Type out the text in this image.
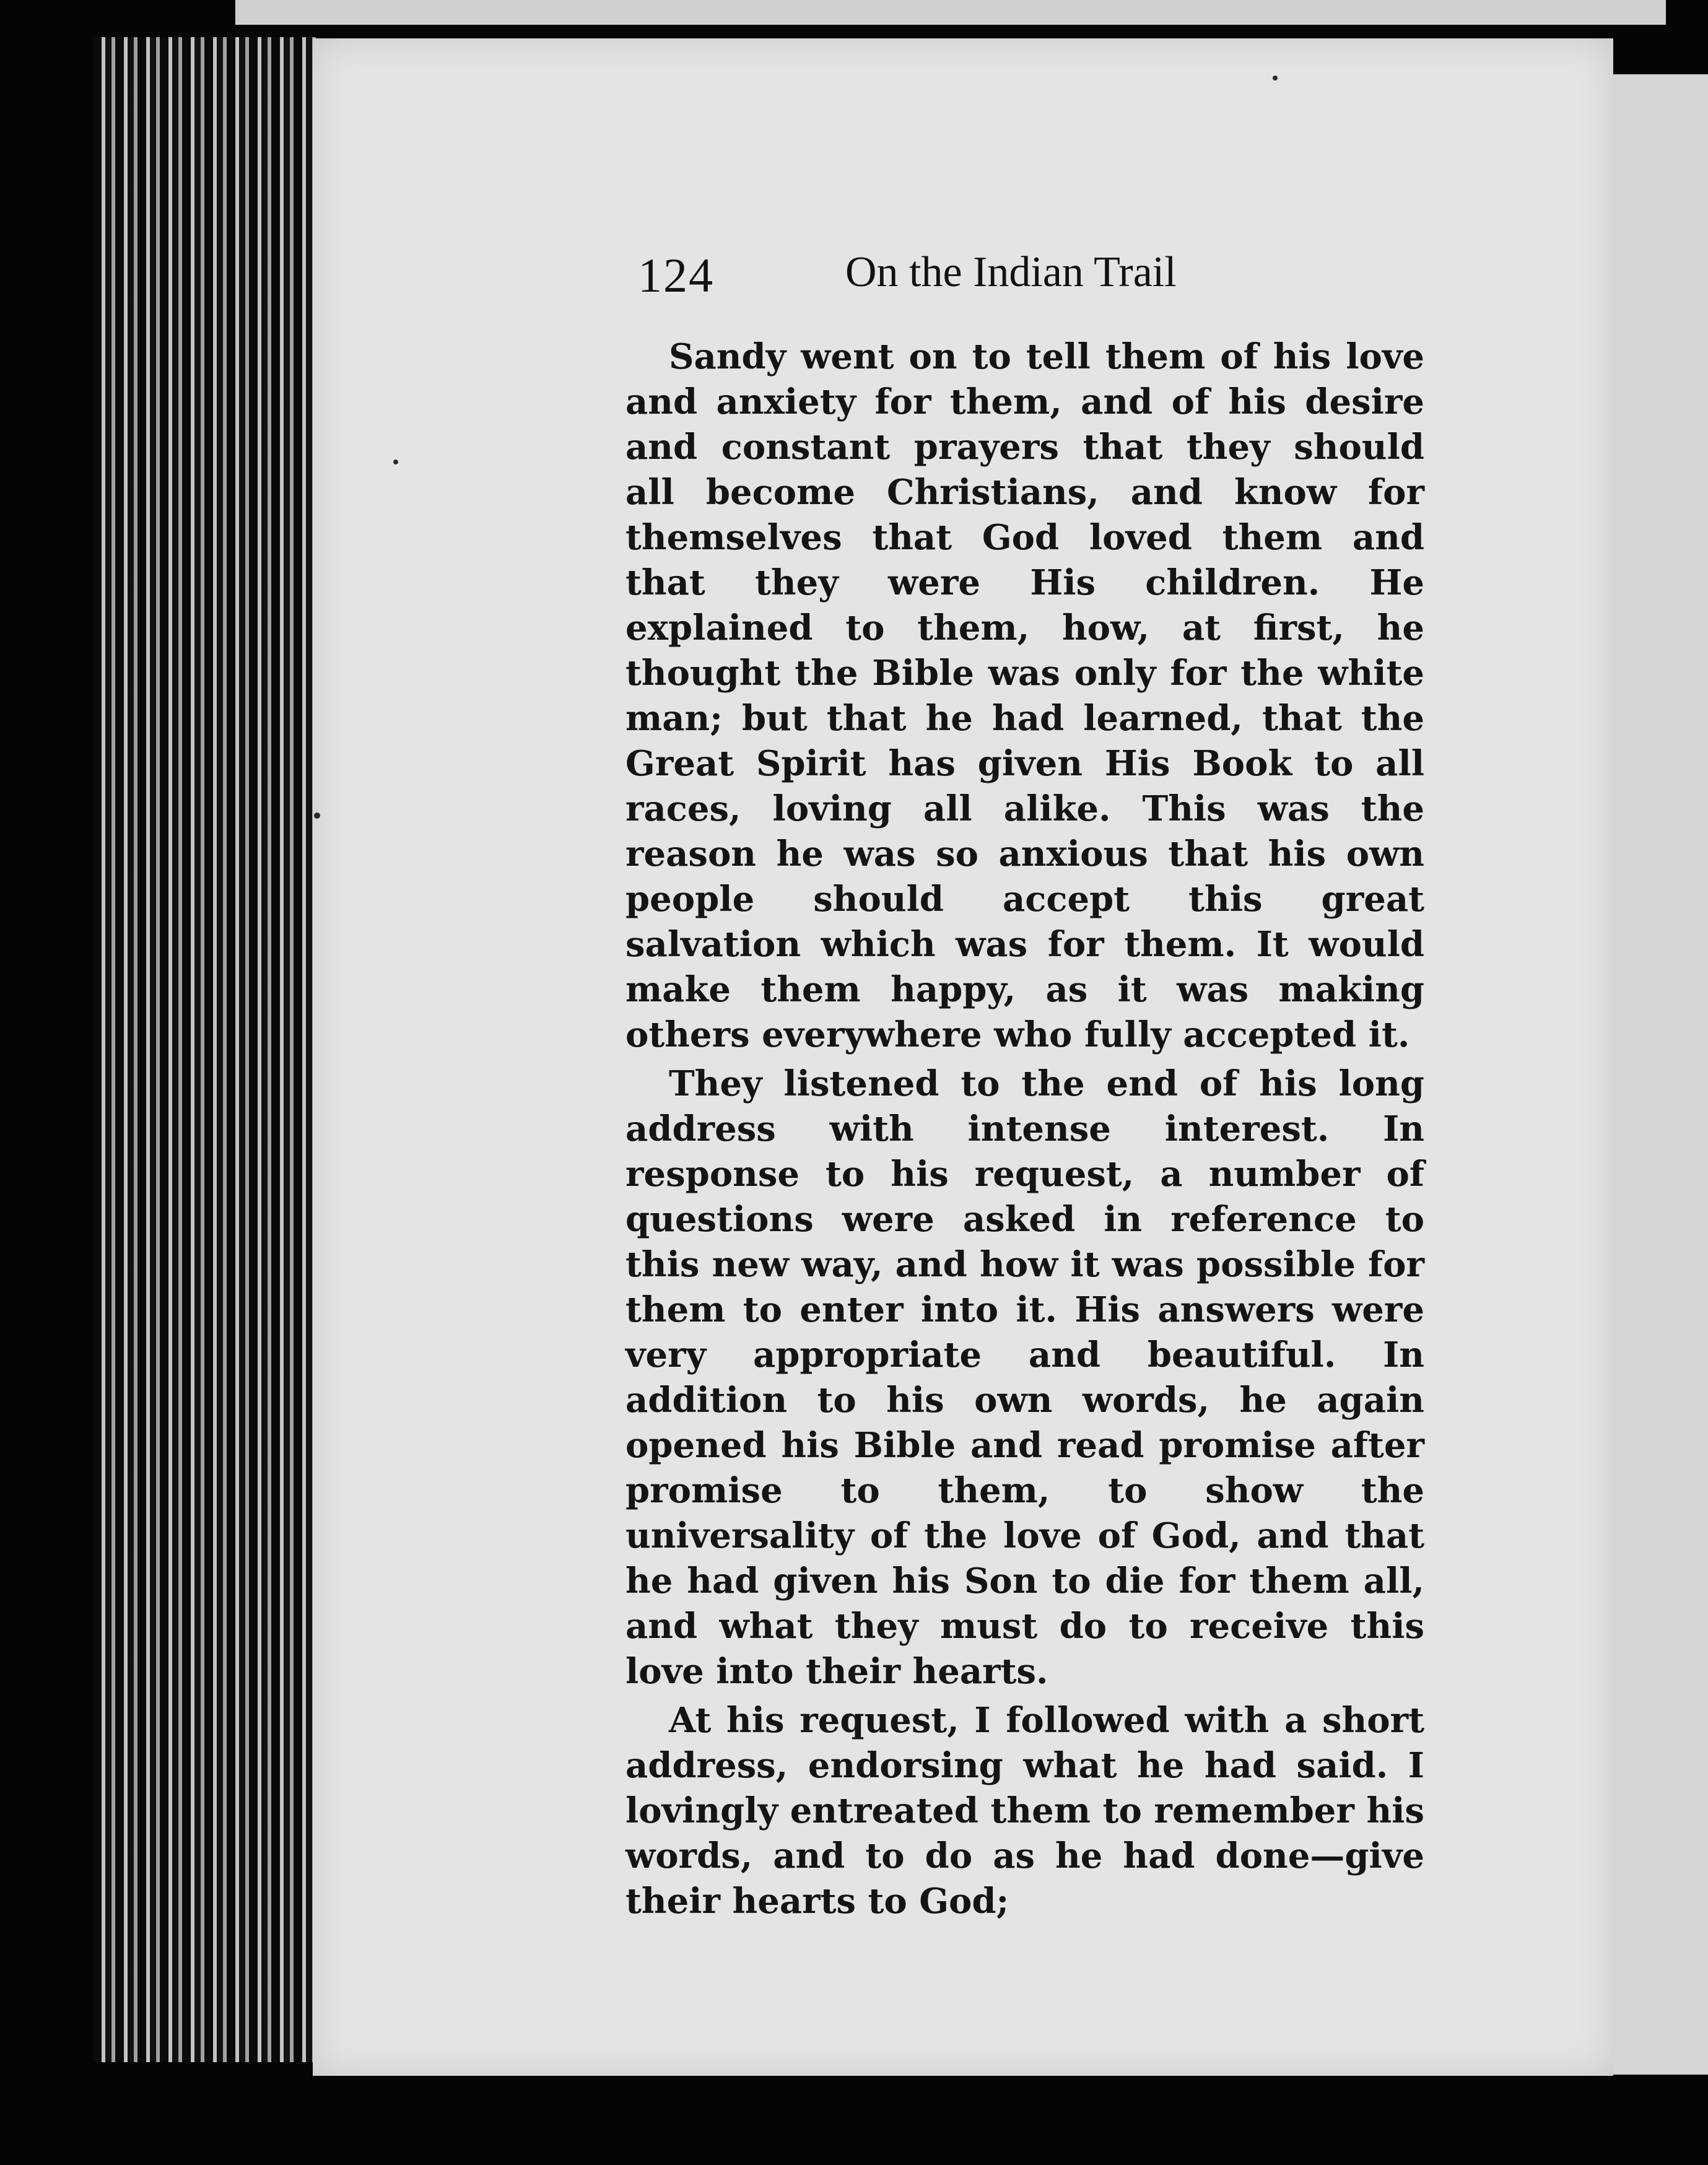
124	On the Indian Trail

Sandy went on to tell them of his love and anxiety for them, and of his desire and constant prayers that they should all become Christians, and know for themselves that God loved them and that they were His children. He explained to them, how, at first, he thought the Bible was only for the white man; but that he had learned, that the Great Spirit has given His Book to all races, loving all alike. This was the reason he was so anxious that his own people should accept this great salvation which was for them. It would make them happy, as it was making others everywhere who fully accepted it.

They listened to the end of his long address with intense interest. In response to his request, a number of questions were asked in reference to this new way, and how it was possible for them to enter into it. His answers were very appropriate and beautiful. In addition to his own words, he again opened his Bible and read promise after promise to them, to show the universality of the love of God, and that he had given his Son to die for them all, and what they must do to receive this love into their hearts.

At his request, I followed with a short address, endorsing what he had said. I lovingly entreated them to remember his words, and to do as he had done—give their hearts to God;
